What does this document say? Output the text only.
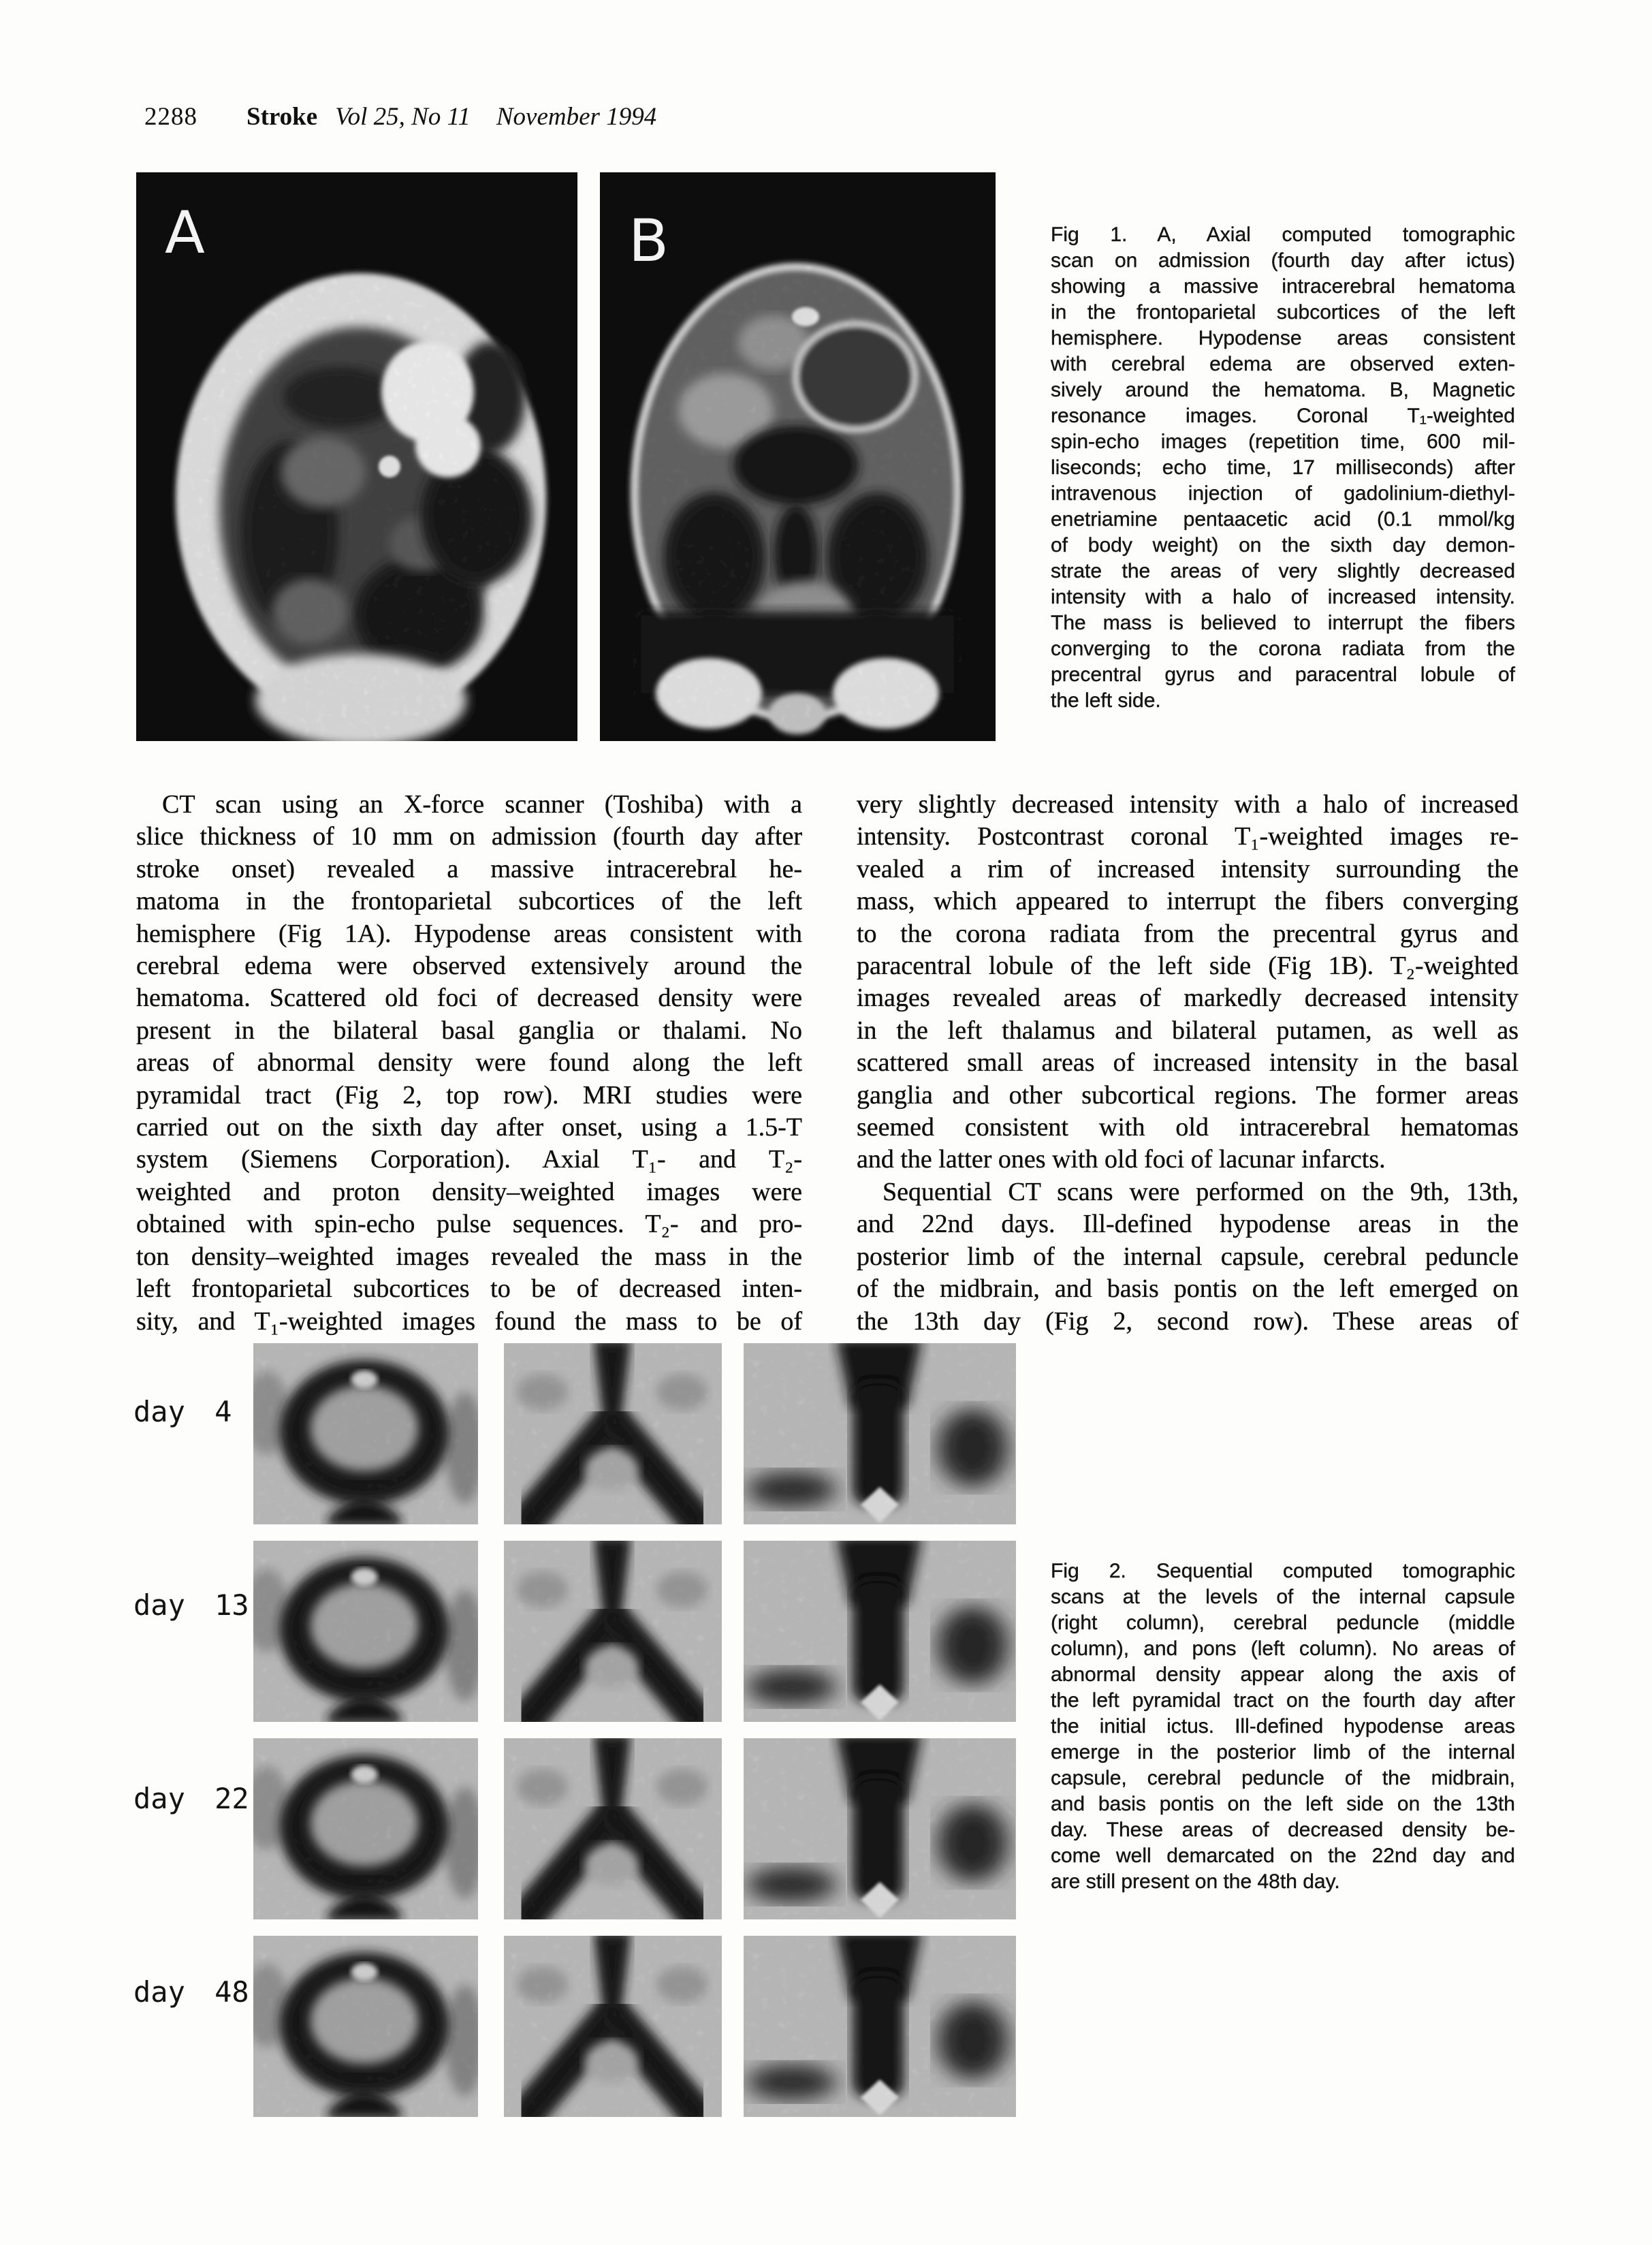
2288 Stroke Vol 25, No 11 November 1994
A	B	Fig 1. A, Axial computed tomographic
scan on admission (fourth day after ictus)
showing a massive intracerebral hematoma
in the frontoparietal subcortices of the left
hemisphere. Hypodense areas consistent
with cerebral edema are observed exten-
sively around the hematoma. B, Magnetic
resonance images. Coronal T₁-weighted
spin-echo images (repetition time, 600 mil-
liseconds; echo time, 17 milliseconds) after
intravenous injection of gadolinium-diethyl-
enetriamine pentaacetic acid (0.1 mmol/kg
of body weight) on the sixth day demon-
strate the areas of very slightly decreased
intensity with a halo of increased intensity.
The mass is believed to interrupt the fibers
converging to the corona radiata from the
precentral gyrus and paracentral lobule of
the left side.
  CT scan using an X-force scanner (Toshiba) with a
slice thickness of 10 mm on admission (fourth day after
stroke onset) revealed a massive intracerebral he-
matoma in the frontoparietal subcortices of the left
hemisphere (Fig 1A). Hypodense areas consistent with
cerebral edema were observed extensively around the
hematoma. Scattered old foci of decreased density were
present in the bilateral basal ganglia or thalami. No
areas of abnormal density were found along the left
pyramidal tract (Fig 2, top row). MRI studies were
carried out on the sixth day after onset, using a 1.5-T
system (Siemens Corporation). Axial T₁- and T₂-
weighted and proton density–weighted images were
obtained with spin-echo pulse sequences. T₂- and pro-
ton density–weighted images revealed the mass in the
left frontoparietal subcortices to be of decreased inten-
sity, and T₁-weighted images found the mass to be of
very slightly decreased intensity with a halo of increased
intensity. Postcontrast coronal T₁-weighted images re-
vealed a rim of increased intensity surrounding the
mass, which appeared to interrupt the fibers converging
to the corona radiata from the precentral gyrus and
paracentral lobule of the left side (Fig 1B). T₂-weighted
images revealed areas of markedly decreased intensity
in the left thalamus and bilateral putamen, as well as
scattered small areas of increased intensity in the basal
ganglia and other subcortical regions. The former areas
seemed consistent with old intracerebral hematomas
and the latter ones with old foci of lacunar infarcts.
  Sequential CT scans were performed on the 9th, 13th,
and 22nd days. Ill-defined hypodense areas in the
posterior limb of the internal capsule, cerebral peduncle
of the midbrain, and basis pontis on the left emerged on
the 13th day (Fig 2, second row). These areas of
day 4
day 13
day 22
day 48
Fig 2. Sequential computed tomographic
scans at the levels of the internal capsule
(right column), cerebral peduncle (middle
column), and pons (left column). No areas of
abnormal density appear along the axis of
the left pyramidal tract on the fourth day after
the initial ictus. Ill-defined hypodense areas
emerge in the posterior limb of the internal
capsule, cerebral peduncle of the midbrain,
and basis pontis on the left side on the 13th
day. These areas of decreased density be-
come well demarcated on the 22nd day and
are still present on the 48th day.
